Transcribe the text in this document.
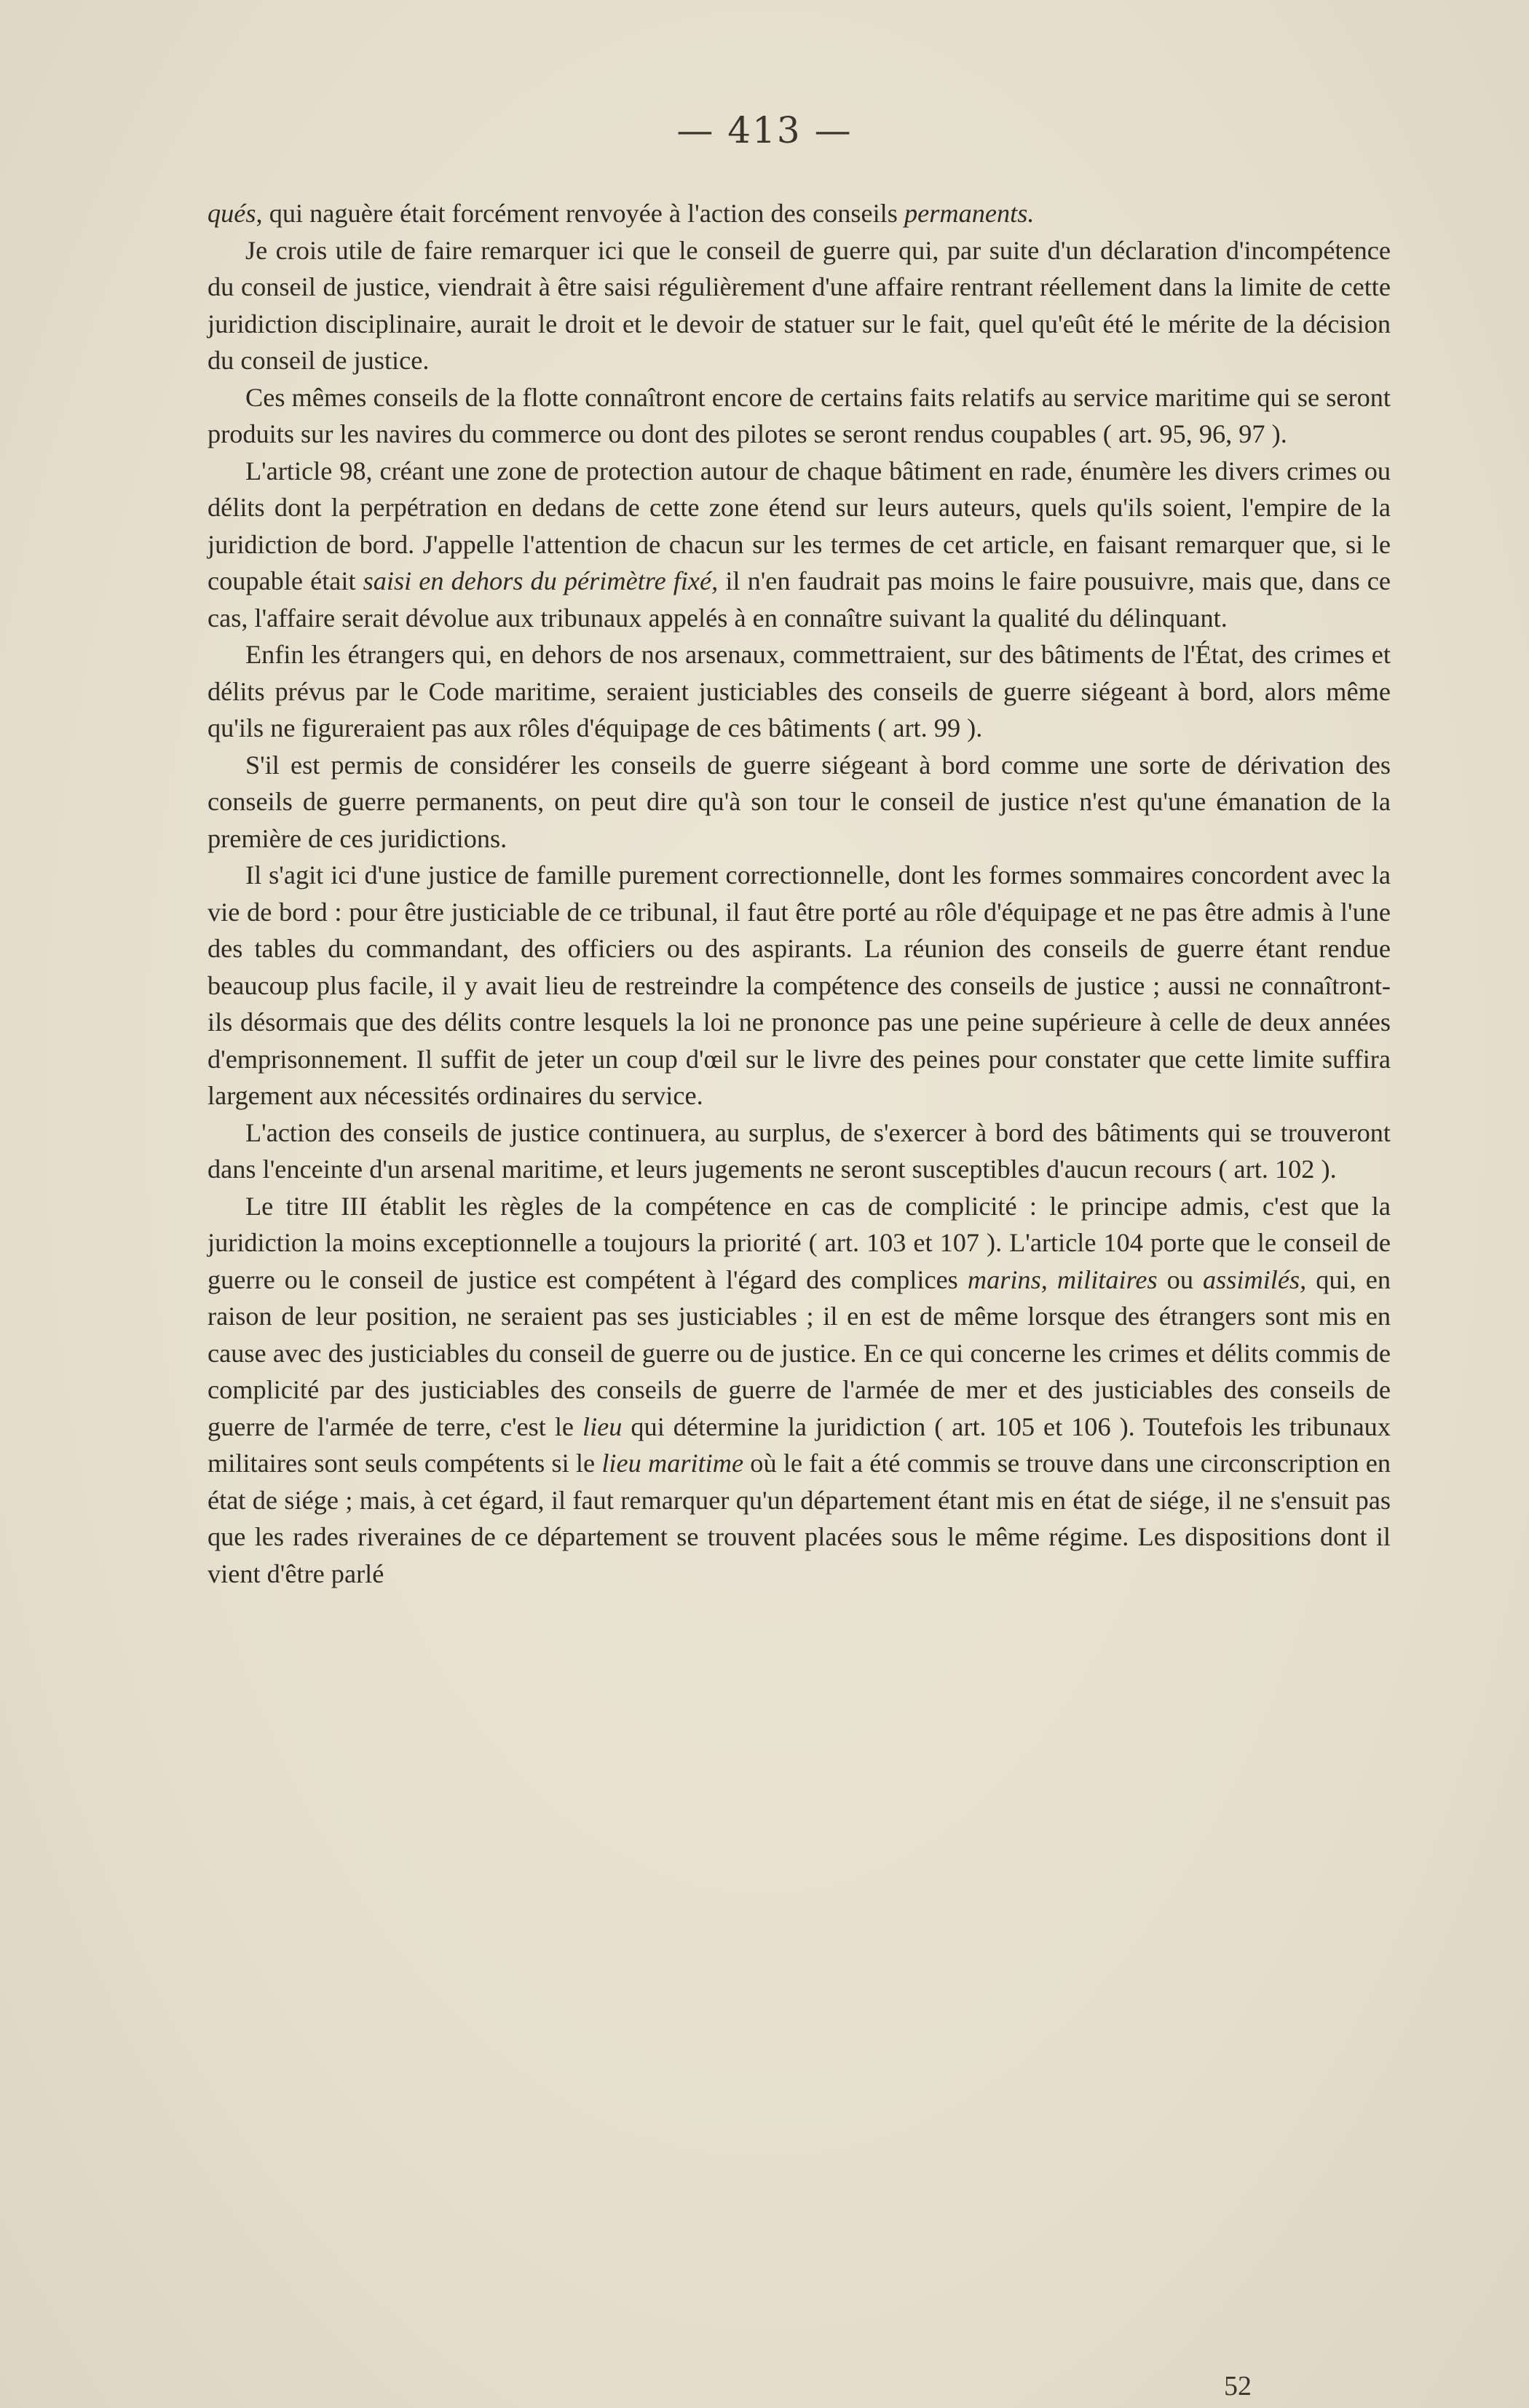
— 413 —

qués, qui naguère était forcément renvoyée à l'action des conseils permanents.

Je crois utile de faire remarquer ici que le conseil de guerre qui, par suite d'un déclaration d'incompétence du conseil de justice, viendrait à être saisi régulièrement d'une affaire rentrant réellement dans la limite de cette juridiction disciplinaire, aurait le droit et le devoir de statuer sur le fait, quel qu'eût été le mérite de la décision du conseil de justice.

Ces mêmes conseils de la flotte connaîtront encore de certains faits relatifs au service maritime qui se seront produits sur les navires du commerce ou dont des pilotes se seront rendus coupables ( art. 95, 96, 97 ).

L'article 98, créant une zone de protection autour de chaque bâtiment en rade, énumère les divers crimes ou délits dont la perpétration en dedans de cette zone étend sur leurs auteurs, quels qu'ils soient, l'empire de la juridiction de bord. J'appelle l'attention de chacun sur les termes de cet article, en faisant remarquer que, si le coupable était saisi en dehors du périmètre fixé, il n'en faudrait pas moins le faire pousuivre, mais que, dans ce cas, l'affaire serait dévolue aux tribunaux appelés à en connaître suivant la qualité du délinquant.

Enfin les étrangers qui, en dehors de nos arsenaux, commettraient, sur des bâtiments de l'État, des crimes et délits prévus par le Code maritime, seraient justiciables des conseils de guerre siégeant à bord, alors même qu'ils ne figureraient pas aux rôles d'équipage de ces bâtiments ( art. 99 ).

S'il est permis de considérer les conseils de guerre siégeant à bord comme une sorte de dérivation des conseils de guerre permanents, on peut dire qu'à son tour le conseil de justice n'est qu'une émanation de la première de ces juridictions.

Il s'agit ici d'une justice de famille purement correctionnelle, dont les formes sommaires concordent avec la vie de bord : pour être justiciable de ce tribunal, il faut être porté au rôle d'équipage et ne pas être admis à l'une des tables du commandant, des officiers ou des aspirants. La réunion des conseils de guerre étant rendue beaucoup plus facile, il y avait lieu de restreindre la compétence des conseils de justice ; aussi ne connaîtront-ils désormais que des délits contre lesquels la loi ne prononce pas une peine supérieure à celle de deux années d'emprisonnement. Il suffit de jeter un coup d'œil sur le livre des peines pour constater que cette limite suffira largement aux nécessités ordinaires du service.

L'action des conseils de justice continuera, au surplus, de s'exercer à bord des bâtiments qui se trouveront dans l'enceinte d'un arsenal maritime, et leurs jugements ne seront susceptibles d'aucun recours ( art. 102 ).

Le titre III établit les règles de la compétence en cas de complicité : le principe admis, c'est que la juridiction la moins exceptionnelle a toujours la priorité ( art. 103 et 107 ). L'article 104 porte que le conseil de guerre ou le conseil de justice est compétent à l'égard des complices marins, militaires ou assimilés, qui, en raison de leur position, ne seraient pas ses justiciables ; il en est de même lorsque des étrangers sont mis en cause avec des justiciables du conseil de guerre ou de justice. En ce qui concerne les crimes et délits commis de complicité par des justiciables des conseils de guerre de l'armée de mer et des justiciables des conseils de guerre de l'armée de terre, c'est le lieu qui détermine la juridiction ( art. 105 et 106 ). Toutefois les tribunaux militaires sont seuls compétents si le lieu maritime où le fait a été commis se trouve dans une circonscription en état de siége ; mais, à cet égard, il faut remarquer qu'un département étant mis en état de siége, il ne s'ensuit pas que les rades riveraines de ce département se trouvent placées sous le même régime. Les dispositions dont il vient d'être parlé

52
